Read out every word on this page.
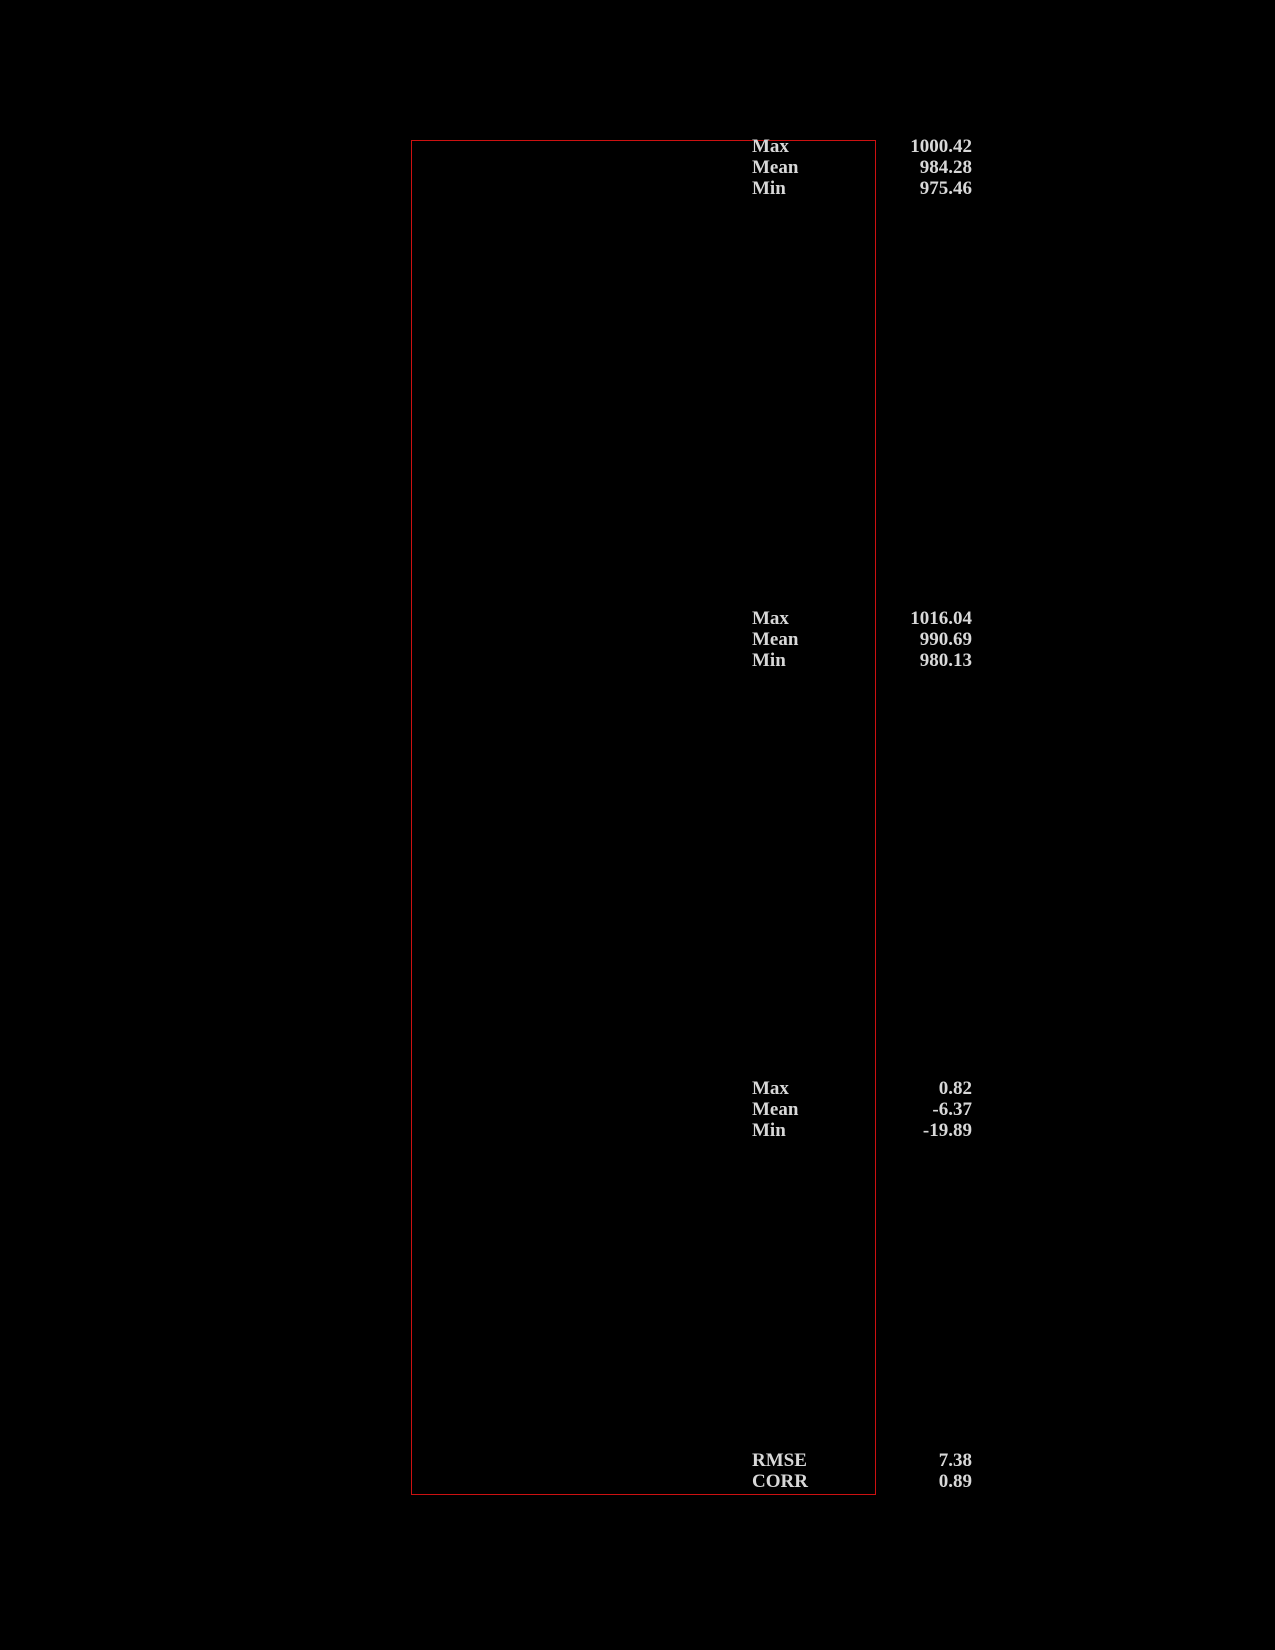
Max	1000.42
Mean	984.28
Min	975.46
Max	1016.04
Mean	990.69
Min	980.13
Max	0.82
Mean	-6.37
Min	-19.89
RMSE	7.38
CORR	0.89
